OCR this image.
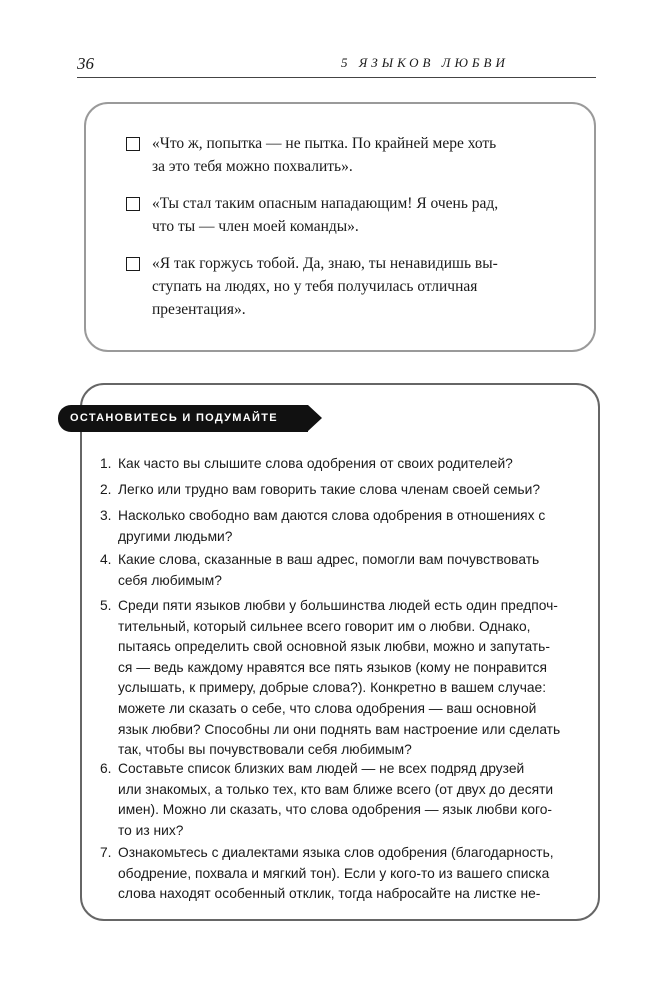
36	5 ЯЗЫКОВ ЛЮБВИ
«Что ж, попытка — не пытка. По крайней мере хоть
за это тебя можно похвалить».
«Ты стал таким опасным нападающим! Я очень рад,
что ты — член моей команды».
«Я так горжусь тобой. Да, знаю, ты ненавидишь вы-
ступать на людях, но у тебя получилась отличная
презентация».
ОСТАНОВИТЕСЬ И ПОДУМАЙТЕ
1. Как часто вы слышите слова одобрения от своих родителей?
2. Легко или трудно вам говорить такие слова членам своей семьи?
3. Насколько свободно вам даются слова одобрения в отношениях с
другими людьми?
4. Какие слова, сказанные в ваш адрес, помогли вам почувствовать
себя любимым?
5. Среди пяти языков любви у большинства людей есть один предпоч-
тительный, который сильнее всего говорит им о любви. Однако,
пытаясь определить свой основной язык любви, можно и запутать-
ся — ведь каждому нравятся все пять языков (кому не понравится
услышать, к примеру, добрые слова?). Конкретно в вашем случае:
можете ли сказать о себе, что слова одобрения — ваш основной
язык любви? Способны ли они поднять вам настроение или сделать
так, чтобы вы почувствовали себя любимым?
6. Составьте список близких вам людей — не всех подряд друзей
или знакомых, а только тех, кто вам ближе всего (от двух до десяти
имен). Можно ли сказать, что слова одобрения — язык любви кого-
то из них?
7. Ознакомьтесь с диалектами языка слов одобрения (благодарность,
ободрение, похвала и мягкий тон). Если у кого-то из вашего списка
слова находят особенный отклик, тогда набросайте на листке не-
